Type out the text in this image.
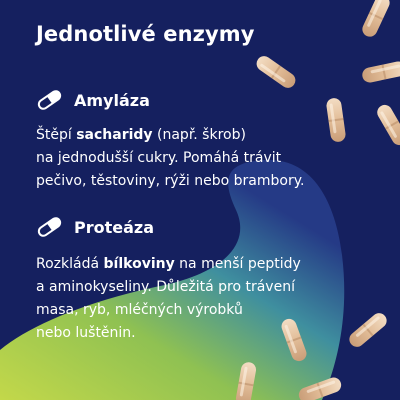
Jednotlivé enzymy
Amyláza

Štěpí sacharidy (např. škrob)

na jednodušší cukry. Pomáhá trávit

pečivo, těstoviny, rýži nebo brambory.

Proteáza

Rozkládá bílkoviny na menší peptidy

a aminokyseliny. Důležitá pro trávení

masa, ryb, mléčných výrobků

nebo luštěnin.
